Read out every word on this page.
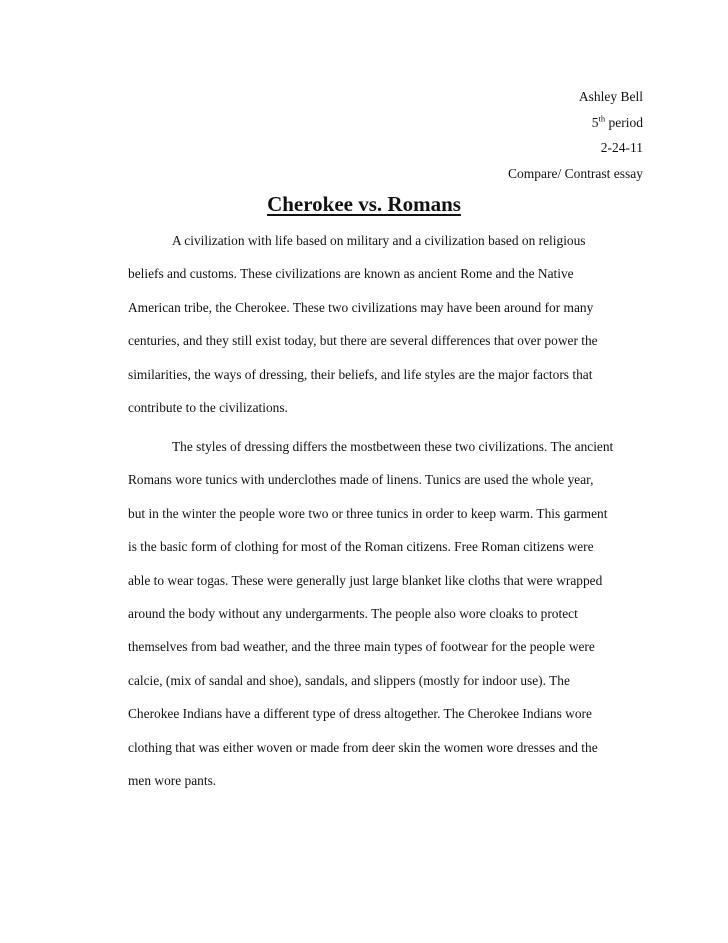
Ashley Bell
5th period
2-24-11
Compare/ Contrast essay
Cherokee vs. Romans
A civilization with life based on military and a civilization based on religious
beliefs and customs. These civilizations are known as ancient Rome and the Native
American tribe, the Cherokee. These two civilizations may have been around for many
centuries, and they still exist today, but there are several differences that over power the
similarities, the ways of dressing, their beliefs, and life styles are the major factors that
contribute to the civilizations.
The styles of dressing differs the mostbetween these two civilizations. The ancient
Romans wore tunics with underclothes made of linens. Tunics are used the whole year,
but in the winter the people wore two or three tunics in order to keep warm. This garment
is the basic form of clothing for most of the Roman citizens. Free Roman citizens were
able to wear togas. These were generally just large blanket like cloths that were wrapped
around the body without any undergarments. The people also wore cloaks to protect
themselves from bad weather, and the three main types of footwear for the people were
calcie, (mix of sandal and shoe), sandals, and slippers (mostly for indoor use). The
Cherokee Indians have a different type of dress altogether. The Cherokee Indians wore
clothing that was either woven or made from deer skin the women wore dresses and the
men wore pants.
